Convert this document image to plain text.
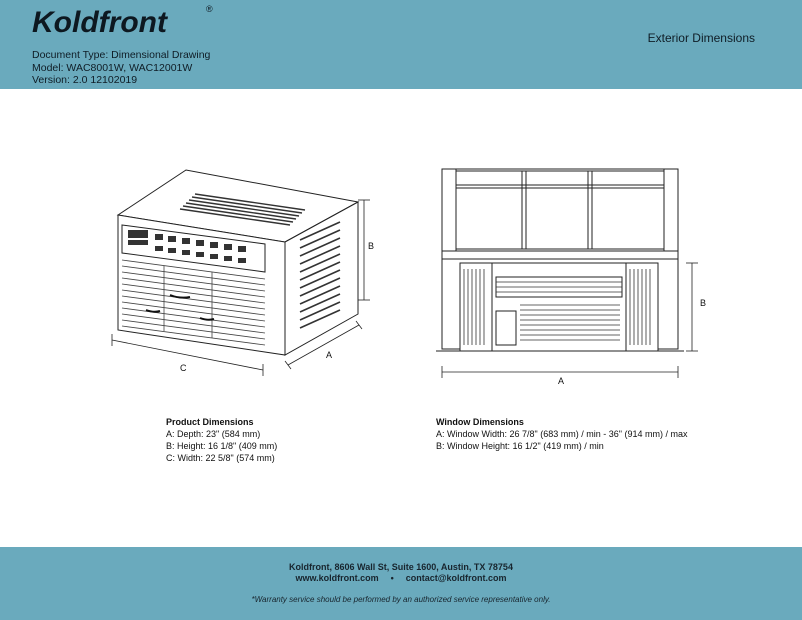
Koldfront	®
Document Type: Dimensional Drawing
Model: WAC8001W, WAC12001W
Version: 2.0 12102019
Exterior Dimensions
B
A
C
B
A
Product Dimensions
A: Depth: 23" (584 mm)
B: Height: 16 1/8" (409 mm)
C: Width: 22 5/8" (574 mm)
Window Dimensions
A: Window Width: 26 7/8" (683 mm) / min - 36" (914 mm) / max
B: Window Height: 16 1/2" (419 mm) / min
Koldfront, 8606 Wall St, Suite 1600, Austin, TX 78754
www.koldfront.com • contact@koldfront.com
*Warranty service should be performed by an authorized service representative only.
